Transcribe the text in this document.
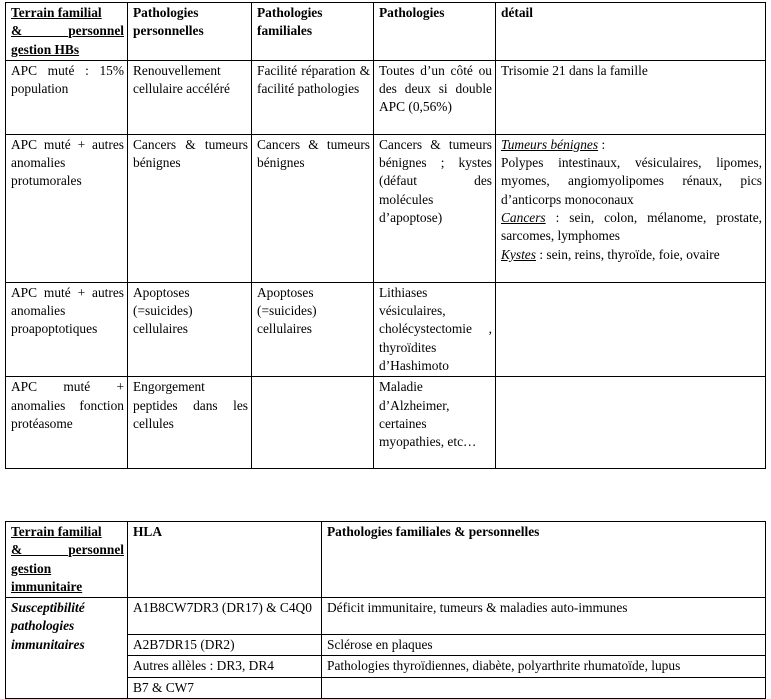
Terrain familial
& personnel
gestion HBs	Pathologies personnelles	Pathologies familiales	Pathologies	détail
APC muté : 15% population	Renouvellement cellulaire accéléré	Facilité réparation & facilité pathologies	Toutes d’un côté ou des deux si double APC (0,56%)	Trisomie 21 dans la famille
APC muté + autres anomalies protumorales	Cancers & tumeurs bénignes	Cancers & tumeurs bénignes	Cancers & tumeurs bénignes ; kystes (défaut des molécules d’apoptose)	Tumeurs bénignes :
Polypes intestinaux, vésiculaires, lipomes, myomes, angiomyolipomes rénaux, pics d’anticorps monoconaux
Cancers : sein, colon, mélanome, prostate, sarcomes, lymphomes
Kystes : sein, reins, thyroïde, foie, ovaire

APC muté + autres anomalies proapoptotiques	Apoptoses (=suicides) cellulaires	Apoptoses (=suicides) cellulaires	Lithiases vésiculaires, cholécystectomie , thyroïdites d’Hashimoto	
APC muté + anomalies fonction protéasome	Engorgement peptides dans les cellules		Maladie d’Alzheimer, certaines myopathies, etc…	
Terrain familial
& personnel
gestion
immunitaire	HLA	Pathologies familiales & personnelles
Susceptibilité pathologies immunitaires	A1B8CW7DR3 (DR17) & C4Q0	Déficit immunitaire, tumeurs & maladies auto-immunes
	A2B7DR15 (DR2)	Sclérose en plaques
	Autres allèles : DR3, DR4	Pathologies thyroïdiennes, diabète, polyarthrite rhumatoïde, lupus
	B7 & CW7	
